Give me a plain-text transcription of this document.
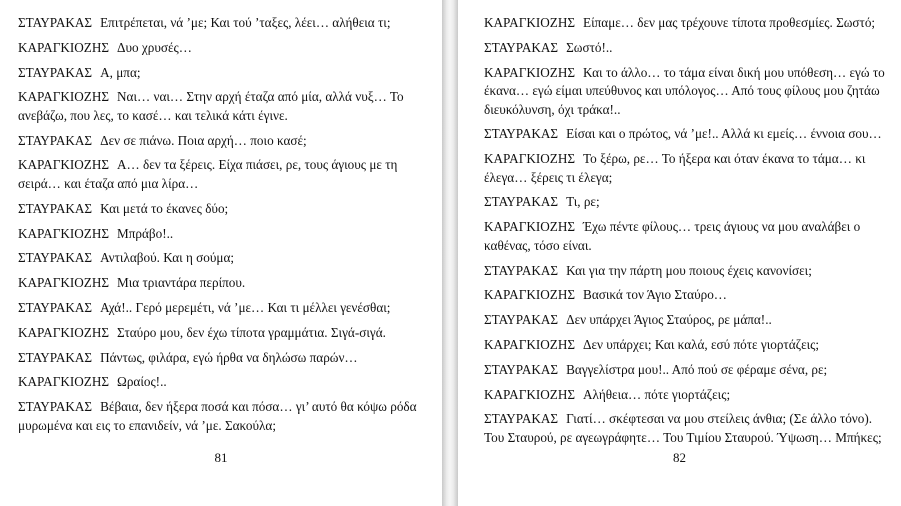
ΣΤΑΥΡΑΚΑΣ Επιτρέπεται, νά ’με; Και τού ’ταξες, λέει… αλήθεια τι;

ΚΑΡΑΓΚΙΟΖΗΣ Δυο χρυσές…

ΣΤΑΥΡΑΚΑΣ Α, μπα;

ΚΑΡΑΓΚΙΟΖΗΣ Ναι… ναι… Στην αρχή έταζα από μία, αλλά νυξ… Το ανεβάζω, που λες, το κασέ… και τελικά κάτι έγινε.

ΣΤΑΥΡΑΚΑΣ Δεν σε πιάνω. Ποια αρχή… ποιο κασέ;

ΚΑΡΑΓΚΙΟΖΗΣ Α… δεν τα ξέρεις. Είχα πιάσει, ρε, τους άγιους με τη σειρά… και έταζα από μια λίρα…

ΣΤΑΥΡΑΚΑΣ Και μετά το έκανες δύο;

ΚΑΡΑΓΚΙΟΖΗΣ Μπράβο!..

ΣΤΑΥΡΑΚΑΣ Αντιλαβού. Και η σούμα;

ΚΑΡΑΓΚΙΟΖΗΣ Μια τριαντάρα περίπου.

ΣΤΑΥΡΑΚΑΣ Αχά!.. Γερό μερεμέτι, νά ’με… Και τι μέλλει γενέσθαι;

ΚΑΡΑΓΚΙΟΖΗΣ Σταύρο μου, δεν έχω τίποτα γραμμάτια. Σιγά-σιγά.

ΣΤΑΥΡΑΚΑΣ Πάντως, φιλάρα, εγώ ήρθα να δηλώσω παρών…

ΚΑΡΑΓΚΙΟΖΗΣ Ωραίος!..

ΣΤΑΥΡΑΚΑΣ Βέβαια, δεν ήξερα ποσά και πόσα… γι’ αυτό θα κόψω ρόδα μυρωμένα και εις το επανιδείν, νά ’με. Σακούλα;

81

ΚΑΡΑΓΚΙΟΖΗΣ Είπαμε… δεν μας τρέχουνε τίποτα προθεσμίες. Σωστό;

ΣΤΑΥΡΑΚΑΣ Σωστό!..

ΚΑΡΑΓΚΙΟΖΗΣ Και το άλλο… το τάμα είναι δική μου υπόθεση… εγώ το έκανα… εγώ είμαι υπεύθυνος και υπόλογος… Από τους φίλους μου ζητάω διευκόλυνση, όχι τράκα!..

ΣΤΑΥΡΑΚΑΣ Είσαι και ο πρώτος, νά ’με!.. Αλλά κι εμείς… έννοια σου…

ΚΑΡΑΓΚΙΟΖΗΣ Το ξέρω, ρε… Το ήξερα και όταν έκανα το τάμα… κι έλεγα… ξέρεις τι έλεγα;

ΣΤΑΥΡΑΚΑΣ Τι, ρε;

ΚΑΡΑΓΚΙΟΖΗΣ Έχω πέντε φίλους… τρεις άγιους να μου αναλάβει ο καθένας, τόσο είναι.

ΣΤΑΥΡΑΚΑΣ Και για την πάρτη μου ποιους έχεις κανονίσει;

ΚΑΡΑΓΚΙΟΖΗΣ Βασικά τον Άγιο Σταύρο…

ΣΤΑΥΡΑΚΑΣ Δεν υπάρχει Άγιος Σταύρος, ρε μάπα!..

ΚΑΡΑΓΚΙΟΖΗΣ Δεν υπάρχει; Και καλά, εσύ πότε γιορτάζεις;

ΣΤΑΥΡΑΚΑΣ Βαγγελίστρα μου!.. Από πού σε φέραμε σένα, ρε;

ΚΑΡΑΓΚΙΟΖΗΣ Αλήθεια… πότε γιορτάζεις;

ΣΤΑΥΡΑΚΑΣ Γιατί… σκέφτεσαι να μου στείλεις άνθια; (Σε άλλο τόνο). Του Σταυρού, ρε αγεωγράφητε… Του Τιμίου Σταυρού. Ύψωση… Μπήκες;

82
